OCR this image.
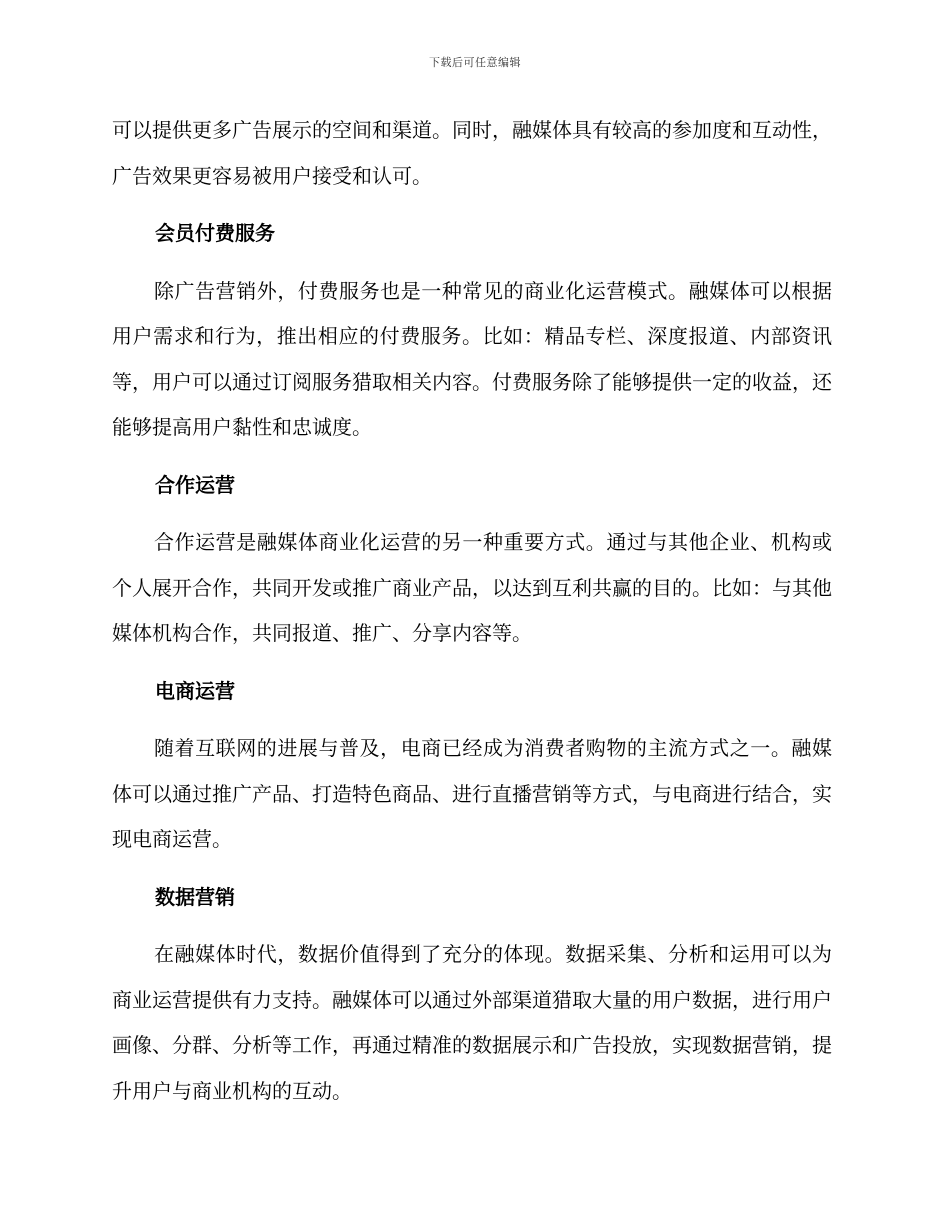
下载后可任意编辑

可以提供更多广告展示的空间和渠道。同时，融媒体具有较高的参加度和互动性，广告效果更容易被用户接受和认可。

会员付费服务

除广告营销外，付费服务也是一种常见的商业化运营模式。融媒体可以根据用户需求和行为，推出相应的付费服务。比如：精品专栏、深度报道、内部资讯等，用户可以通过订阅服务猎取相关内容。付费服务除了能够提供一定的收益，还能够提高用户黏性和忠诚度。

合作运营

合作运营是融媒体商业化运营的另一种重要方式。通过与其他企业、机构或个人展开合作，共同开发或推广商业产品，以达到互利共赢的目的。比如：与其他媒体机构合作，共同报道、推广、分享内容等。

电商运营

随着互联网的进展与普及，电商已经成为消费者购物的主流方式之一。融媒体可以通过推广产品、打造特色商品、进行直播营销等方式，与电商进行结合，实现电商运营。

数据营销

在融媒体时代，数据价值得到了充分的体现。数据采集、分析和运用可以为商业运营提供有力支持。融媒体可以通过外部渠道猎取大量的用户数据，进行用户画像、分群、分析等工作，再通过精准的数据展示和广告投放，实现数据营销，提升用户与商业机构的互动。
